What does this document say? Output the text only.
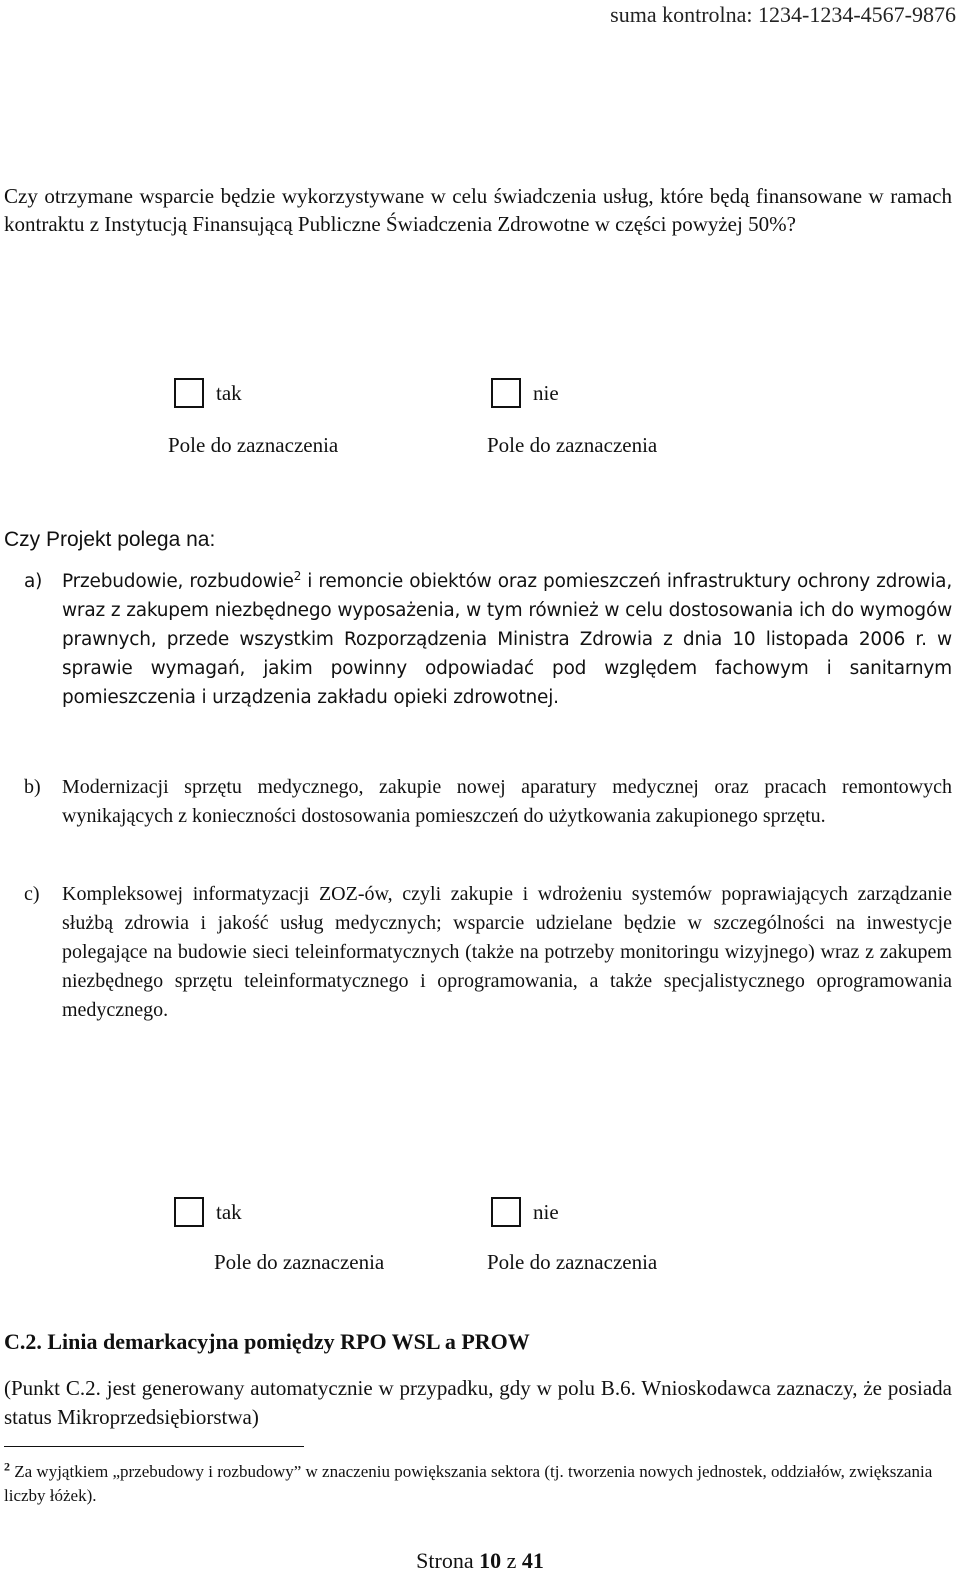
suma kontrolna: 1234-1234-4567-9876
Czy otrzymane wsparcie będzie wykorzystywane w celu świadczenia usług, które będą finansowane w ramach kontraktu z Instytucją Finansującą Publiczne Świadczenia Zdrowotne w części powyżej 50%?
tak
Pole do zaznaczenia
nie
Pole do zaznaczenia
Czy Projekt polega na:
a)	Przebudowie, rozbudowie$^2$ i remoncie obiektów oraz pomieszczeń infrastruktury ochrony zdrowia, wraz z zakupem niezbędnego wyposażenia, w tym również w celu dostosowania ich do wymogów prawnych, przede wszystkim Rozporządzenia Ministra Zdrowia z dnia 10 listopada 2006 r. w sprawie wymagań, jakim powinny odpowiadać pod względem fachowym i sanitarnym pomieszczenia i urządzenia zakładu opieki zdrowotnej.
b)	Modernizacji sprzętu medycznego, zakupie nowej aparatury medycznej oraz pracach remontowych wynikających z konieczności dostosowania pomieszczeń do użytkowania zakupionego sprzętu.
c)	Kompleksowej informatyzacji ZOZ-ów, czyli zakupie i wdrożeniu systemów poprawiających zarządzanie służbą zdrowia i jakość usług medycznych; wsparcie udzielane będzie w szczególności na inwestycje polegające na budowie sieci teleinformatycznych (także na potrzeby monitoringu wizyjnego) wraz z zakupem niezbędnego sprzętu teleinformatycznego i oprogramowania, a także specjalistycznego oprogramowania medycznego.
tak
Pole do zaznaczenia
nie
Pole do zaznaczenia
C.2. Linia demarkacyjna pomiędzy RPO WSL a PROW
(Punkt C.2. jest generowany automatycznie w przypadku, gdy w polu B.6. Wnioskodawca zaznaczy, że posiada status Mikroprzedsiębiorstwa)
$^2$ Za wyjątkiem „przebudowy i rozbudowy” w znaczeniu powiększania sektora (tj. tworzenia nowych jednostek, oddziałów, zwiększania liczby łóżek).
Strona 10 z 41
